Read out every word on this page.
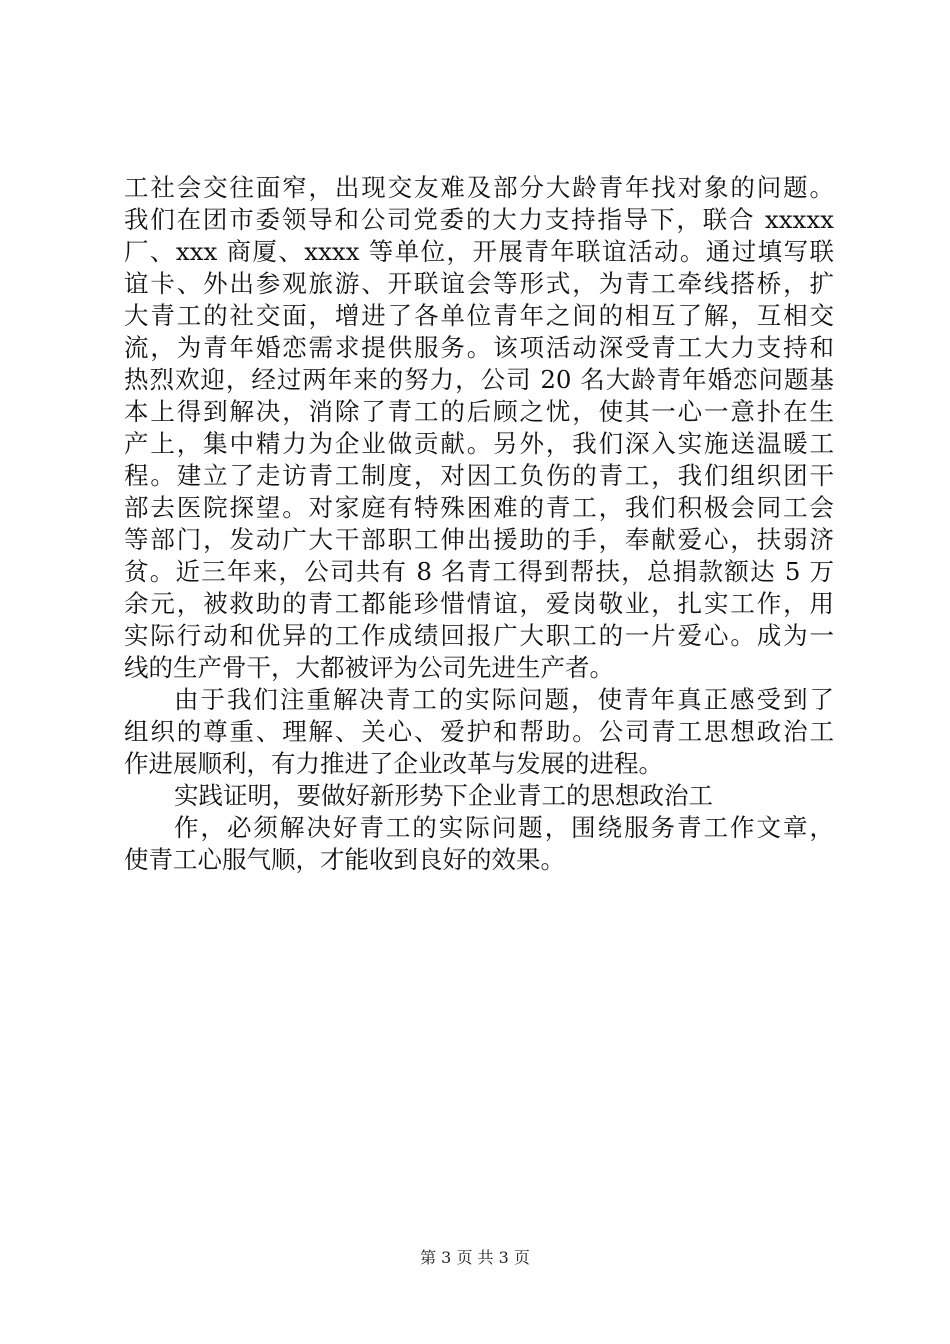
工社会交往面窄，出现交友难及部分大龄青年找对象的问题。
我们在团市委领导和公司党委的大力支持指导下，联合 xxxxx
厂、xxx 商厦、xxxx 等单位，开展青年联谊活动。通过填写联
谊卡、外出参观旅游、开联谊会等形式，为青工牵线搭桥，扩
大青工的社交面，增进了各单位青年之间的相互了解，互相交
流，为青年婚恋需求提供服务。该项活动深受青工大力支持和
热烈欢迎，经过两年来的努力，公司 20 名大龄青年婚恋问题基
本上得到解决，消除了青工的后顾之忧，使其一心一意扑在生
产上，集中精力为企业做贡献。另外，我们深入实施送温暖工
程。建立了走访青工制度，对因工负伤的青工，我们组织团干
部去医院探望。对家庭有特殊困难的青工，我们积极会同工会
等部门，发动广大干部职工伸出援助的手，奉献爱心，扶弱济
贫。近三年来，公司共有 8 名青工得到帮扶，总捐款额达 5 万
余元，被救助的青工都能珍惜情谊，爱岗敬业，扎实工作，用
实际行动和优异的工作成绩回报广大职工的一片爱心。成为一
线的生产骨干，大都被评为公司先进生产者。
由于我们注重解决青工的实际问题，使青年真正感受到了
组织的尊重、理解、关心、爱护和帮助。公司青工思想政治工
作进展顺利，有力推进了企业改革与发展的进程。
实践证明，要做好新形势下企业青工的思想政治工
作，必须解决好青工的实际问题，围绕服务青工作文章，
使青工心服气顺，才能收到良好的效果。
第 3 页 共 3 页
